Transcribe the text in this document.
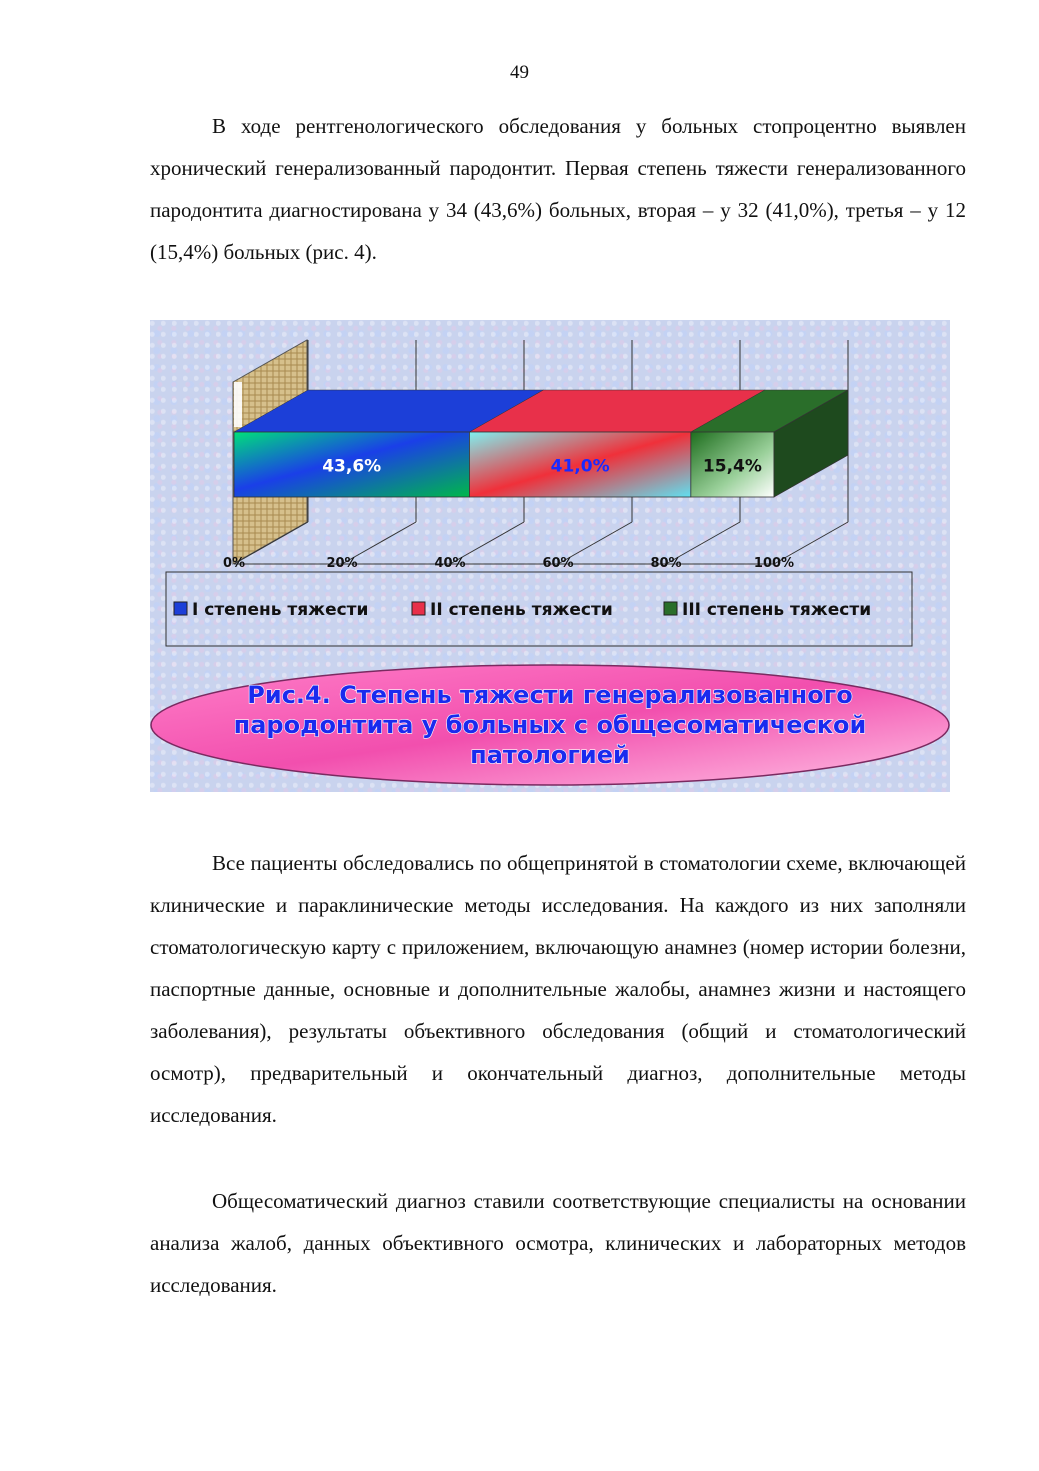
49

В ходе рентгенологического обследования у больных стопроцентно выявлен хронический генерализованный пародонтит. Первая степень тяжести генерализованного пародонтита диагностирована у 34 (43,6%) больных, вторая – у 32 (41,0%), третья – у 12 (15,4%) больных (рис. 4).

43,6%	41,0%	15,4%
0%	20%	40%	60%	80%	100%
I степень тяжести	II степень тяжести	III степень тяжести
Рис.4. Степень тяжести генерализованного
пародонтита у больных с общесоматической
патологией

Все пациенты обследовались по общепринятой в стоматологии схеме, включающей клинические и параклинические методы исследования. На каждого из них заполняли стоматологическую карту с приложением, включающую анамнез (номер истории болезни, паспортные данные, основные и дополнительные жалобы, анамнез жизни и настоящего заболевания), результаты объективного обследования (общий и стоматологический осмотр), предварительный и окончательный диагноз, дополнительные методы исследования.

Общесоматический диагноз ставили соответствующие специалисты на основании анализа жалоб, данных объективного осмотра, клинических и лабораторных методов исследования.
